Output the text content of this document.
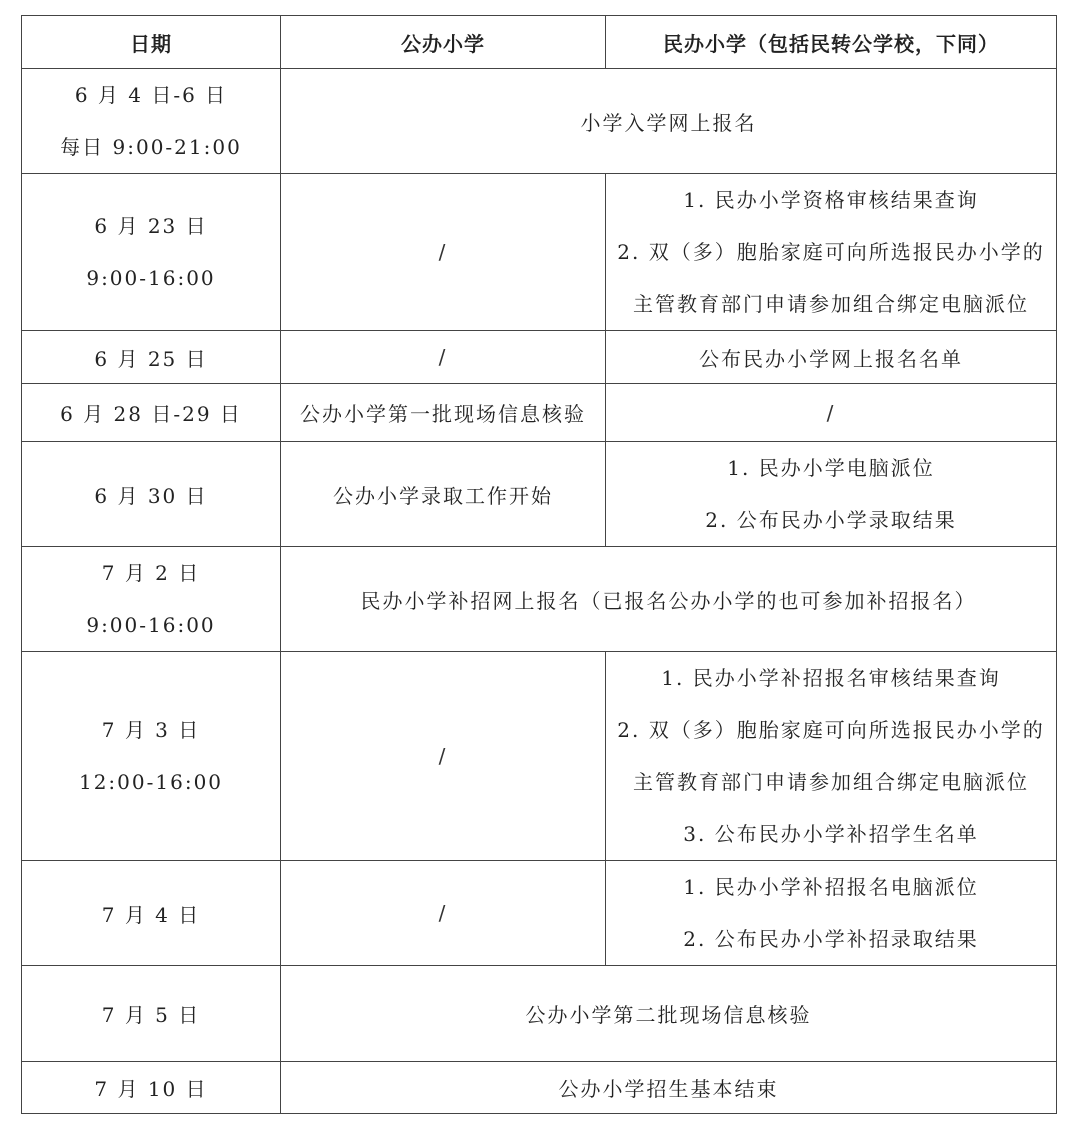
日期	公办小学	民办小学（包括民转公学校，下同）

6 月 4 日-6 日
每日 9:00-21:00	小学入学网上报名	

6 月 23 日
9:00-16:00	/	1. 民办小学资格审核结果查询
2. 双（多）胞胎家庭可向所选报民办小学的
主管教育部门申请参加组合绑定电脑派位

6 月 25 日	/	公布民办小学网上报名名单
6 月 28 日-29 日	公办小学第一批现场信息核验	/
6 月 30 日	公办小学录取工作开始	1. 民办小学电脑派位
2. 公布民办小学录取结果

7 月 2 日
9:00-16:00	民办小学补招网上报名（已报名公办小学的也可参加补招报名）	

7 月 3 日
12:00-16:00	/	1. 民办小学补招报名审核结果查询
2. 双（多）胞胎家庭可向所选报民办小学的
主管教育部门申请参加组合绑定电脑派位
3. 公布民办小学补招学生名单

7 月 4 日	/	1. 民办小学补招报名电脑派位
2. 公布民办小学补招录取结果

7 月 5 日	公办小学第二批现场信息核验	
7 月 10 日	公办小学招生基本结束	
